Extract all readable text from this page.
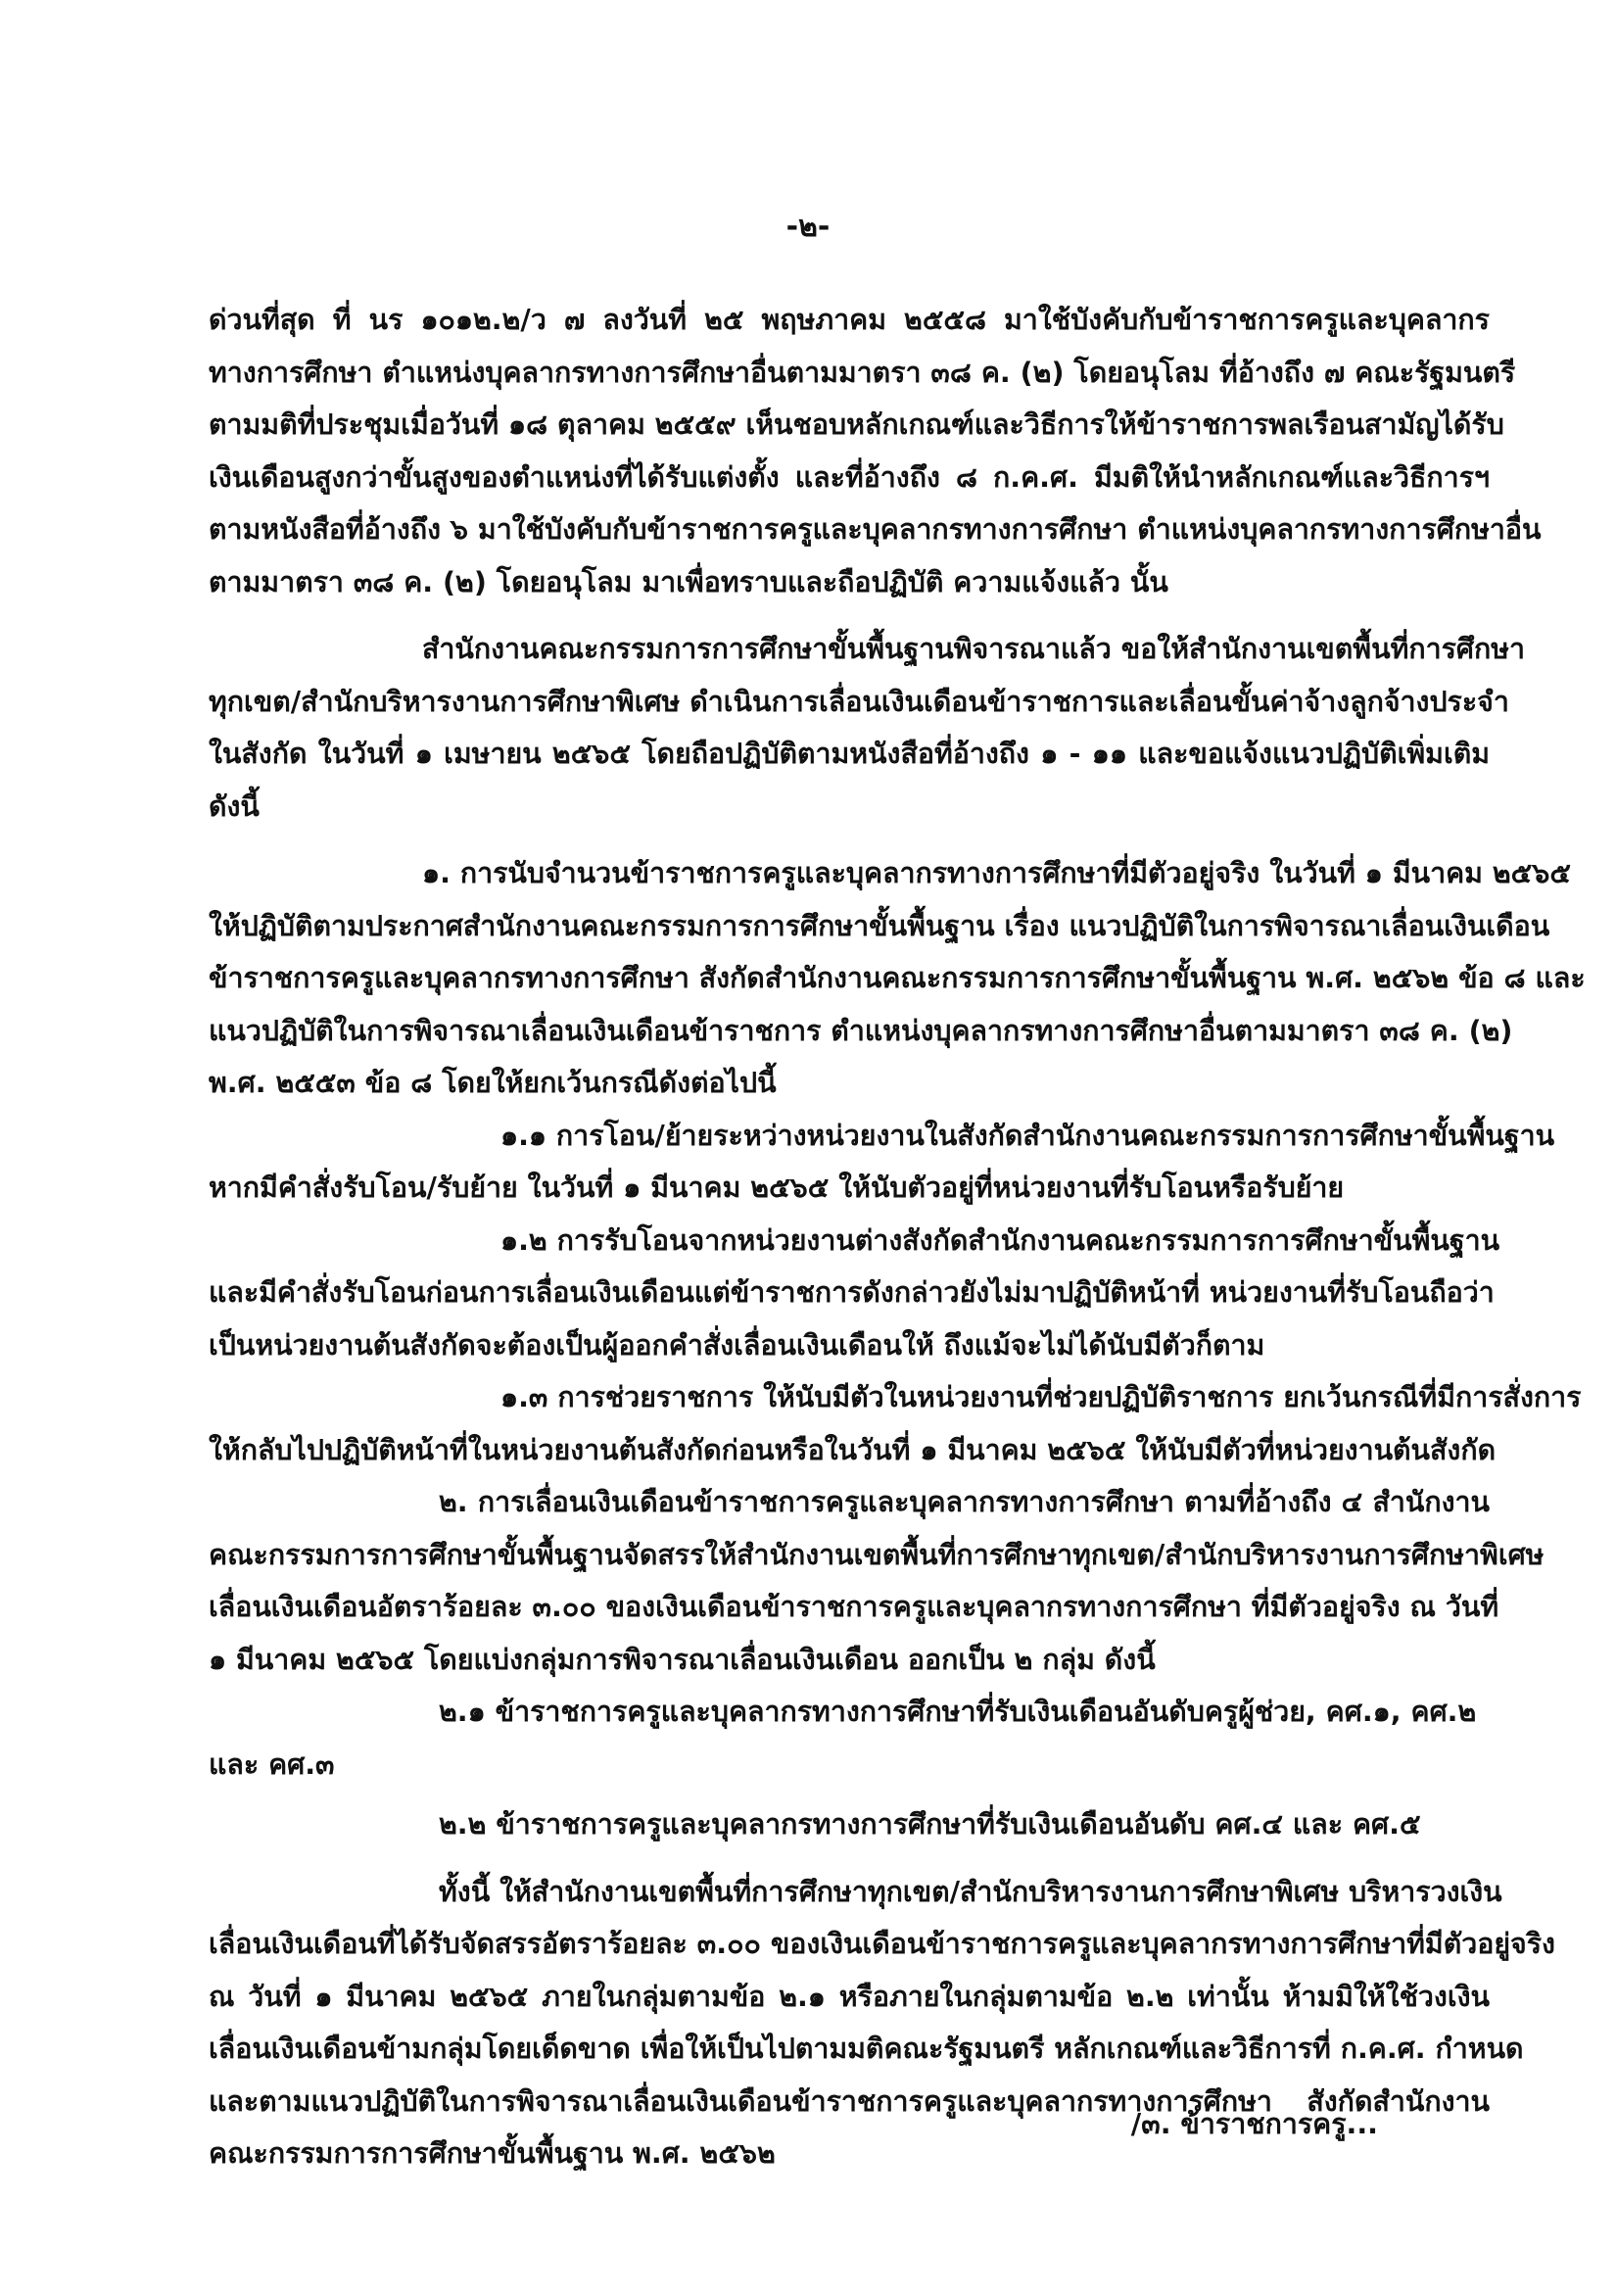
-๒-
ด่วนที่สุด ที่ นร ๑๐๑๒.๒/ว ๗ ลงวันที่ ๒๕ พฤษภาคม ๒๕๕๘ มาใช้บังคับกับข้าราชการครูและบุคลากร
ทางการศึกษา ตำแหน่งบุคลากรทางการศึกษาอื่นตามมาตรา ๓๘ ค. (๒) โดยอนุโลม ที่อ้างถึง ๗ คณะรัฐมนตรี
ตามมติที่ประชุมเมื่อวันที่ ๑๘ ตุลาคม ๒๕๕๙ เห็นชอบหลักเกณฑ์และวิธีการให้ข้าราชการพลเรือนสามัญได้รับ
เงินเดือนสูงกว่าขั้นสูงของตำแหน่งที่ได้รับแต่งตั้ง และที่อ้างถึง ๘ ก.ค.ศ. มีมติให้นำหลักเกณฑ์และวิธีการฯ
ตามหนังสือที่อ้างถึง ๖ มาใช้บังคับกับข้าราชการครูและบุคลากรทางการศึกษา ตำแหน่งบุคลากรทางการศึกษาอื่น
ตามมาตรา ๓๘ ค. (๒) โดยอนุโลม มาเพื่อทราบและถือปฏิบัติ ความแจ้งแล้ว นั้น
สำนักงานคณะกรรมการการศึกษาขั้นพื้นฐานพิจารณาแล้ว ขอให้สำนักงานเขตพื้นที่การศึกษา
ทุกเขต/สำนักบริหารงานการศึกษาพิเศษ ดำเนินการเลื่อนเงินเดือนข้าราชการและเลื่อนขั้นค่าจ้างลูกจ้างประจำ
ในสังกัด ในวันที่ ๑ เมษายน ๒๕๖๕ โดยถือปฏิบัติตามหนังสือที่อ้างถึง ๑ - ๑๑ และขอแจ้งแนวปฏิบัติเพิ่มเติม
ดังนี้
๑. การนับจำนวนข้าราชการครูและบุคลากรทางการศึกษาที่มีตัวอยู่จริง ในวันที่ ๑ มีนาคม ๒๕๖๕
ให้ปฏิบัติตามประกาศสำนักงานคณะกรรมการการศึกษาขั้นพื้นฐาน เรื่อง แนวปฏิบัติในการพิจารณาเลื่อนเงินเดือน
ข้าราชการครูและบุคลากรทางการศึกษา สังกัดสำนักงานคณะกรรมการการศึกษาขั้นพื้นฐาน พ.ศ. ๒๕๖๒ ข้อ ๘ และ
แนวปฏิบัติในการพิจารณาเลื่อนเงินเดือนข้าราชการ ตำแหน่งบุคลากรทางการศึกษาอื่นตามมาตรา ๓๘ ค. (๒)
พ.ศ. ๒๕๕๓ ข้อ ๘ โดยให้ยกเว้นกรณีดังต่อไปนี้
๑.๑ การโอน/ย้ายระหว่างหน่วยงานในสังกัดสำนักงานคณะกรรมการการศึกษาขั้นพื้นฐาน
หากมีคำสั่งรับโอน/รับย้าย ในวันที่ ๑ มีนาคม ๒๕๖๕ ให้นับตัวอยู่ที่หน่วยงานที่รับโอนหรือรับย้าย
๑.๒ การรับโอนจากหน่วยงานต่างสังกัดสำนักงานคณะกรรมการการศึกษาขั้นพื้นฐาน
และมีคำสั่งรับโอนก่อนการเลื่อนเงินเดือนแต่ข้าราชการดังกล่าวยังไม่มาปฏิบัติหน้าที่ หน่วยงานที่รับโอนถือว่า
เป็นหน่วยงานต้นสังกัดจะต้องเป็นผู้ออกคำสั่งเลื่อนเงินเดือนให้ ถึงแม้จะไม่ได้นับมีตัวก็ตาม
๑.๓ การช่วยราชการ ให้นับมีตัวในหน่วยงานที่ช่วยปฏิบัติราชการ ยกเว้นกรณีที่มีการสั่งการ
ให้กลับไปปฏิบัติหน้าที่ในหน่วยงานต้นสังกัดก่อนหรือในวันที่ ๑ มีนาคม ๒๕๖๕ ให้นับมีตัวที่หน่วยงานต้นสังกัด
๒. การเลื่อนเงินเดือนข้าราชการครูและบุคลากรทางการศึกษา ตามที่อ้างถึง ๔ สำนักงาน
คณะกรรมการการศึกษาขั้นพื้นฐานจัดสรรให้สำนักงานเขตพื้นที่การศึกษาทุกเขต/สำนักบริหารงานการศึกษาพิเศษ
เลื่อนเงินเดือนอัตราร้อยละ ๓.๐๐ ของเงินเดือนข้าราชการครูและบุคลากรทางการศึกษา ที่มีตัวอยู่จริง ณ วันที่
๑ มีนาคม ๒๕๖๕ โดยแบ่งกลุ่มการพิจารณาเลื่อนเงินเดือน ออกเป็น ๒ กลุ่ม ดังนี้
๒.๑ ข้าราชการครูและบุคลากรทางการศึกษาที่รับเงินเดือนอันดับครูผู้ช่วย, คศ.๑, คศ.๒
และ คศ.๓
๒.๒ ข้าราชการครูและบุคลากรทางการศึกษาที่รับเงินเดือนอันดับ คศ.๔ และ คศ.๕
ทั้งนี้ ให้สำนักงานเขตพื้นที่การศึกษาทุกเขต/สำนักบริหารงานการศึกษาพิเศษ บริหารวงเงิน
เลื่อนเงินเดือนที่ได้รับจัดสรรอัตราร้อยละ ๓.๐๐ ของเงินเดือนข้าราชการครูและบุคลากรทางการศึกษาที่มีตัวอยู่จริง
ณ วันที่ ๑ มีนาคม ๒๕๖๕ ภายในกลุ่มตามข้อ ๒.๑ หรือภายในกลุ่มตามข้อ ๒.๒ เท่านั้น ห้ามมิให้ใช้วงเงิน
เลื่อนเงินเดือนข้ามกลุ่มโดยเด็ดขาด เพื่อให้เป็นไปตามมติคณะรัฐมนตรี หลักเกณฑ์และวิธีการที่ ก.ค.ศ. กำหนด
และตามแนวปฏิบัติในการพิจารณาเลื่อนเงินเดือนข้าราชการครูและบุคลากรทางการศึกษา สังกัดสำนักงาน
คณะกรรมการการศึกษาขั้นพื้นฐาน พ.ศ. ๒๕๖๒
/๓. ข้าราชการครู...
